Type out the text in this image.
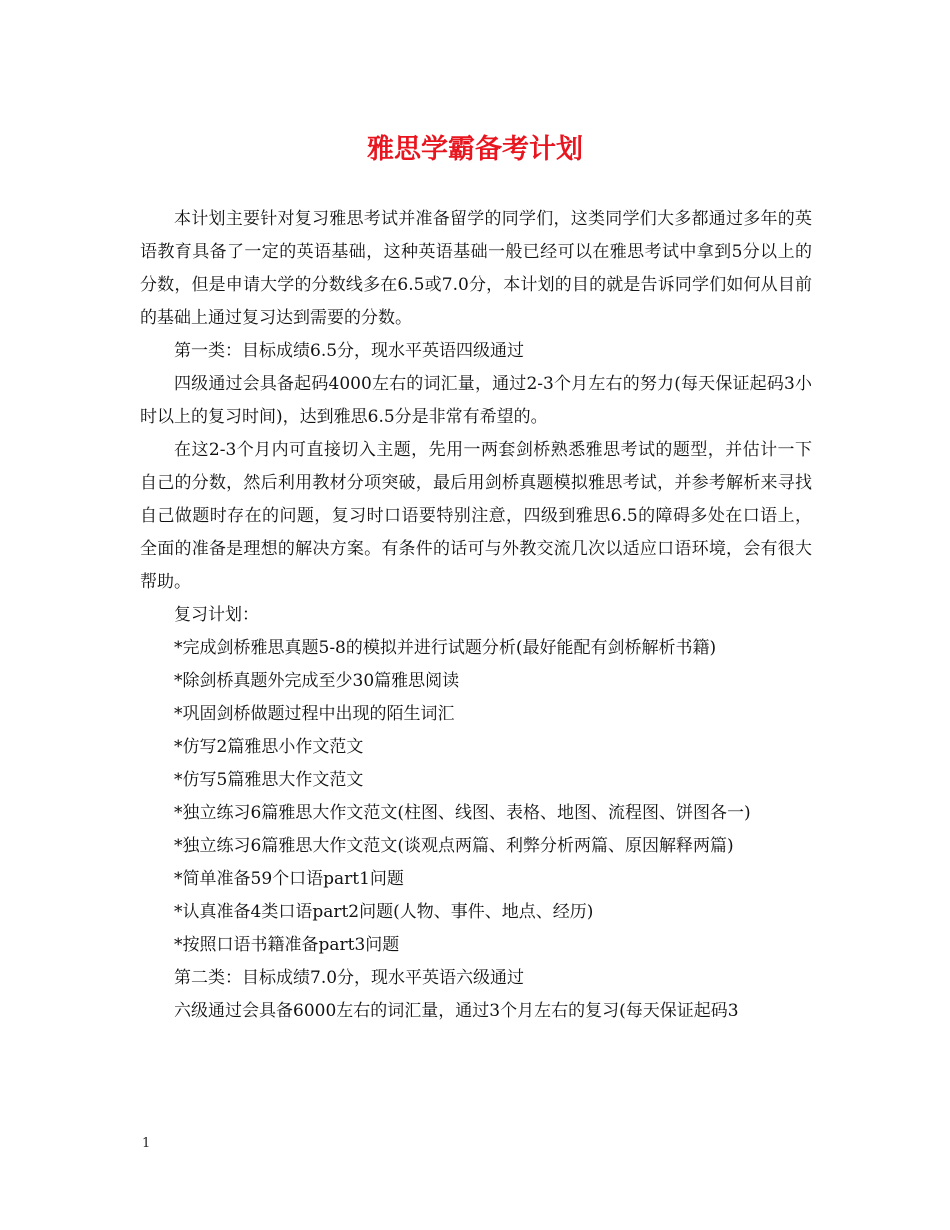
雅思学霸备考计划

本计划主要针对复习雅思考试并准备留学的同学们，这类同学们大多都通过多年的英语教育具备了一定的英语基础，这种英语基础一般已经可以在雅思考试中拿到5分以上的分数，但是申请大学的分数线多在6.5或7.0分，本计划的目的就是告诉同学们如何从目前的基础上通过复习达到需要的分数。

第一类：目标成绩6.5分，现水平英语四级通过

四级通过会具备起码4000左右的词汇量，通过2-3个月左右的努力(每天保证起码3小时以上的复习时间)，达到雅思6.5分是非常有希望的。

在这2-3个月内可直接切入主题，先用一两套剑桥熟悉雅思考试的题型，并估计一下自己的分数，然后利用教材分项突破，最后用剑桥真题模拟雅思考试，并参考解析来寻找自己做题时存在的问题，复习时口语要特别注意，四级到雅思6.5的障碍多处在口语上，全面的准备是理想的解决方案。有条件的话可与外教交流几次以适应口语环境，会有很大帮助。

复习计划：

*完成剑桥雅思真题5-8的模拟并进行试题分析(最好能配有剑桥解析书籍)

*除剑桥真题外完成至少30篇雅思阅读

*巩固剑桥做题过程中出现的陌生词汇

*仿写2篇雅思小作文范文

*仿写5篇雅思大作文范文

*独立练习6篇雅思大作文范文(柱图、线图、表格、地图、流程图、饼图各一)

*独立练习6篇雅思大作文范文(谈观点两篇、利弊分析两篇、原因解释两篇)

*简单准备59个口语part1问题

*认真准备4类口语part2问题(人物、事件、地点、经历)

*按照口语书籍准备part3问题

第二类：目标成绩7.0分，现水平英语六级通过

六级通过会具备6000左右的词汇量，通过3个月左右的复习(每天保证起码3

1
